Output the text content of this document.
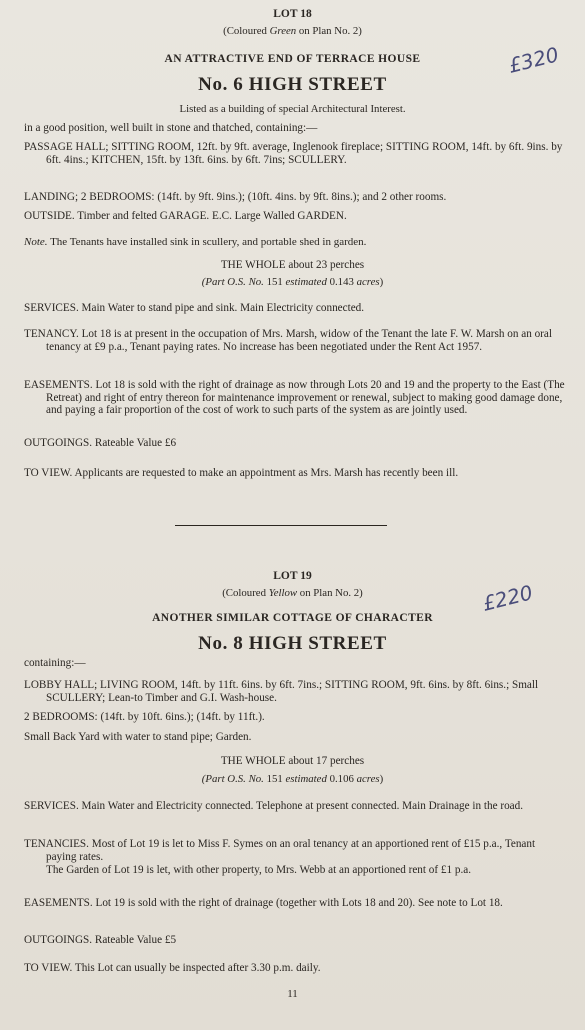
LOT 18
(Coloured Green on Plan No. 2)
AN ATTRACTIVE END OF TERRACE HOUSE
No. 6 HIGH STREET
Listed as a building of special Architectural Interest.
£320
in a good position, well built in stone and thatched, containing:—
PASSAGE HALL; SITTING ROOM, 12ft. by 9ft. average, Inglenook fireplace; SITTING ROOM, 14ft. by 6ft. 9ins. by 6ft. 4ins.; KITCHEN, 15ft. by 13ft. 6ins. by 6ft. 7ins; SCULLERY.
LANDING; 2 BEDROOMS: (14ft. by 9ft. 9ins.); (10ft. 4ins. by 9ft. 8ins.); and 2 other rooms.
OUTSIDE. Timber and felted GARAGE. E.C. Large Walled GARDEN.
Note. The Tenants have installed sink in scullery, and portable shed in garden.
THE WHOLE about 23 perches
(Part O.S. No. 151 estimated 0.143 acres)
SERVICES. Main Water to stand pipe and sink. Main Electricity connected.
TENANCY. Lot 18 is at present in the occupation of Mrs. Marsh, widow of the Tenant the late F. W. Marsh on an oral tenancy at £9 p.a., Tenant paying rates. No increase has been negotiated under the Rent Act 1957.
EASEMENTS. Lot 18 is sold with the right of drainage as now through Lots 20 and 19 and the property to the East (The Retreat) and right of entry thereon for maintenance improvement or renewal, subject to making good damage done, and paying a fair proportion of the cost of work to such parts of the system as are jointly used.
OUTGOINGS. Rateable Value £6
TO VIEW. Applicants are requested to make an appointment as Mrs. Marsh has recently been ill.
LOT 19
(Coloured Yellow on Plan No. 2)
ANOTHER SIMILAR COTTAGE OF CHARACTER
No. 8 HIGH STREET
£220
containing:—
LOBBY HALL; LIVING ROOM, 14ft. by 11ft. 6ins. by 6ft. 7ins.; SITTING ROOM, 9ft. 6ins. by 8ft. 6ins.; Small SCULLERY; Lean-to Timber and G.I. Wash-house.
2 BEDROOMS: (14ft. by 10ft. 6ins.); (14ft. by 11ft.).
Small Back Yard with water to stand pipe; Garden.
THE WHOLE about 17 perches
(Part O.S. No. 151 estimated 0.106 acres)
SERVICES. Main Water and Electricity connected. Telephone at present connected. Main Drainage in the road.
TENANCIES. Most of Lot 19 is let to Miss F. Symes on an oral tenancy at an apportioned rent of £15 p.a., Tenant paying rates.
The Garden of Lot 19 is let, with other property, to Mrs. Webb at an apportioned rent of £1 p.a.
EASEMENTS. Lot 19 is sold with the right of drainage (together with Lots 18 and 20). See note to Lot 18.
OUTGOINGS. Rateable Value £5
TO VIEW. This Lot can usually be inspected after 3.30 p.m. daily.
11
